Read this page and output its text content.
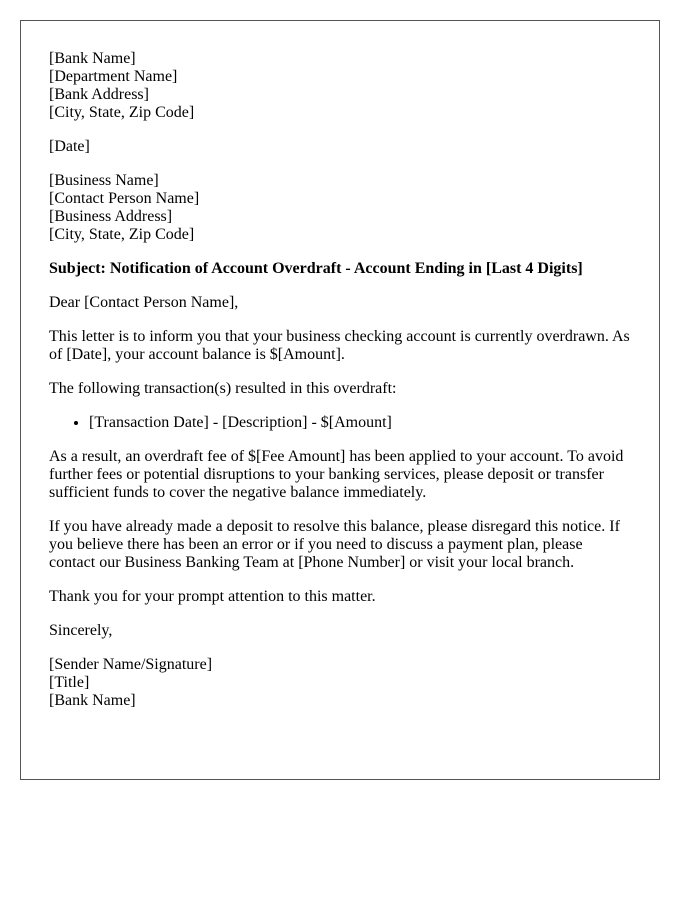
[Bank Name]
[Department Name]
[Bank Address]
[City, State, Zip Code]

[Date]

[Business Name]
[Contact Person Name]
[Business Address]
[City, State, Zip Code]

Subject: Notification of Account Overdraft - Account Ending in [Last 4 Digits]

Dear [Contact Person Name],

This letter is to inform you that your business checking account is currently overdrawn. As of [Date], your account balance is $[Amount].

The following transaction(s) resulted in this overdraft:

• [Transaction Date] - [Description] - $[Amount]

As a result, an overdraft fee of $[Fee Amount] has been applied to your account. To avoid further fees or potential disruptions to your banking services, please deposit or transfer sufficient funds to cover the negative balance immediately.

If you have already made a deposit to resolve this balance, please disregard this notice. If you believe there has been an error or if you need to discuss a payment plan, please contact our Business Banking Team at [Phone Number] or visit your local branch.

Thank you for your prompt attention to this matter.

Sincerely,

[Sender Name/Signature]
[Title]
[Bank Name]
